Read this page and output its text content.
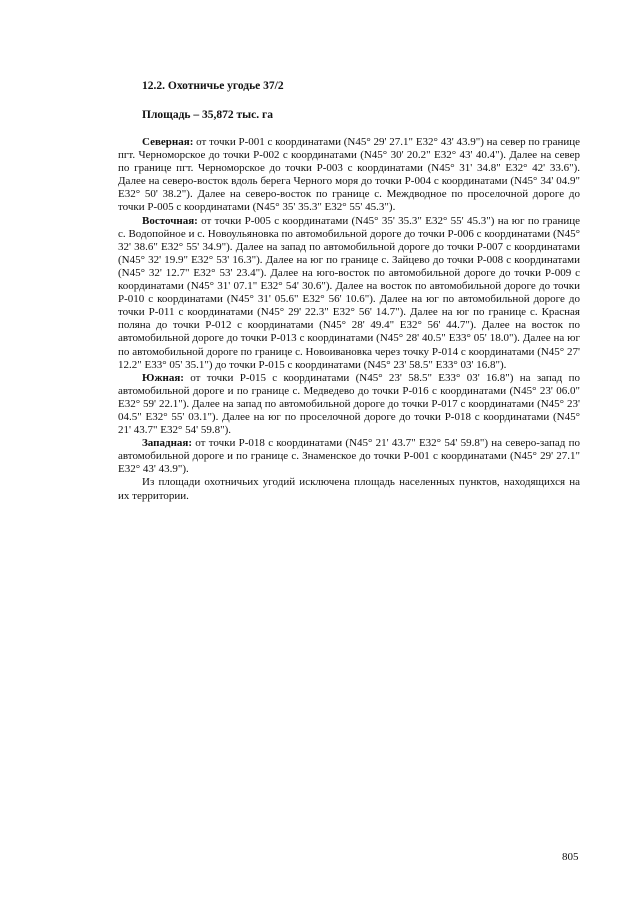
12.2. Охотничье угодье 37/2
Площадь – 35,872 тыс. га

Северная: от точки Р-001 с координатами (N45° 29' 27.1" E32° 43' 43.9") на север по границе пгт. Черноморское до точки Р-002 с координатами (N45° 30' 20.2" E32° 43' 40.4"). Далее на север по границе пгт. Черноморское до точки Р-003 с координатами (N45° 31' 34.8" E32° 42' 33.6"). Далее на северо-восток вдоль берега Черного моря до точки Р-004 с координатами (N45° 34' 04.9" E32° 50' 38.2"). Далее на северо-восток по границе с. Междводное по проселочной дороге до точки Р-005 с координатами (N45° 35' 35.3" E32° 55' 45.3").

Восточная: от точки Р-005 с координатами (N45° 35' 35.3" E32° 55' 45.3") на юг по границе с. Водопойное и с. Новоульяновка по автомобильной дороге до точки Р-006 с координатами (N45° 32' 38.6" E32° 55' 34.9"). Далее на запад по автомобильной дороге до точки Р-007 с координатами (N45° 32' 19.9" E32° 53' 16.3"). Далее на юг по границе с. Зайцево до точки Р-008 с координатами (N45° 32' 12.7" E32° 53' 23.4"). Далее на юго-восток по автомобильной дороге до точки Р-009 с координатами (N45° 31' 07.1" E32° 54' 30.6"). Далее на восток по автомобильной дороге до точки Р-010 с координатами (N45° 31' 05.6" E32° 56' 10.6"). Далее на юг по автомобильной дороге до точки Р-011 с координатами (N45° 29' 22.3" E32° 56' 14.7"). Далее на юг по границе с. Красная поляна до точки Р-012 с координатами (N45° 28' 49.4" E32° 56' 44.7"). Далее на восток по автомобильной дороге до точки Р-013 с координатами (N45° 28' 40.5" E33° 05' 18.0"). Далее на юг по автомобильной дороге по границе с. Новоивановка через точку Р-014 с координатами (N45° 27' 12.2" E33° 05' 35.1") до точки Р-015 с координатами (N45° 23' 58.5" E33° 03' 16.8").

Южная: от точки Р-015 с координатами (N45° 23' 58.5" E33° 03' 16.8") на запад по автомобильной дороге и по границе с. Медведево до точки Р-016 с координатами (N45° 23' 06.0" E32° 59' 22.1"). Далее на запад по автомобильной дороге до точки Р-017 с координатами (N45° 23' 04.5" E32° 55' 03.1"). Далее на юг по проселочной дороге до точки Р-018 с координатами (N45° 21' 43.7" E32° 54' 59.8").

Западная: от точки Р-018 с координатами (N45° 21' 43.7" E32° 54' 59.8") на северо-запад по автомобильной дороге и по границе с. Знаменское до точки Р-001 с координатами (N45° 29' 27.1" E32° 43' 43.9").

Из площади охотничьих угодий исключена площадь населенных пунктов, находящихся на их территории.

805
